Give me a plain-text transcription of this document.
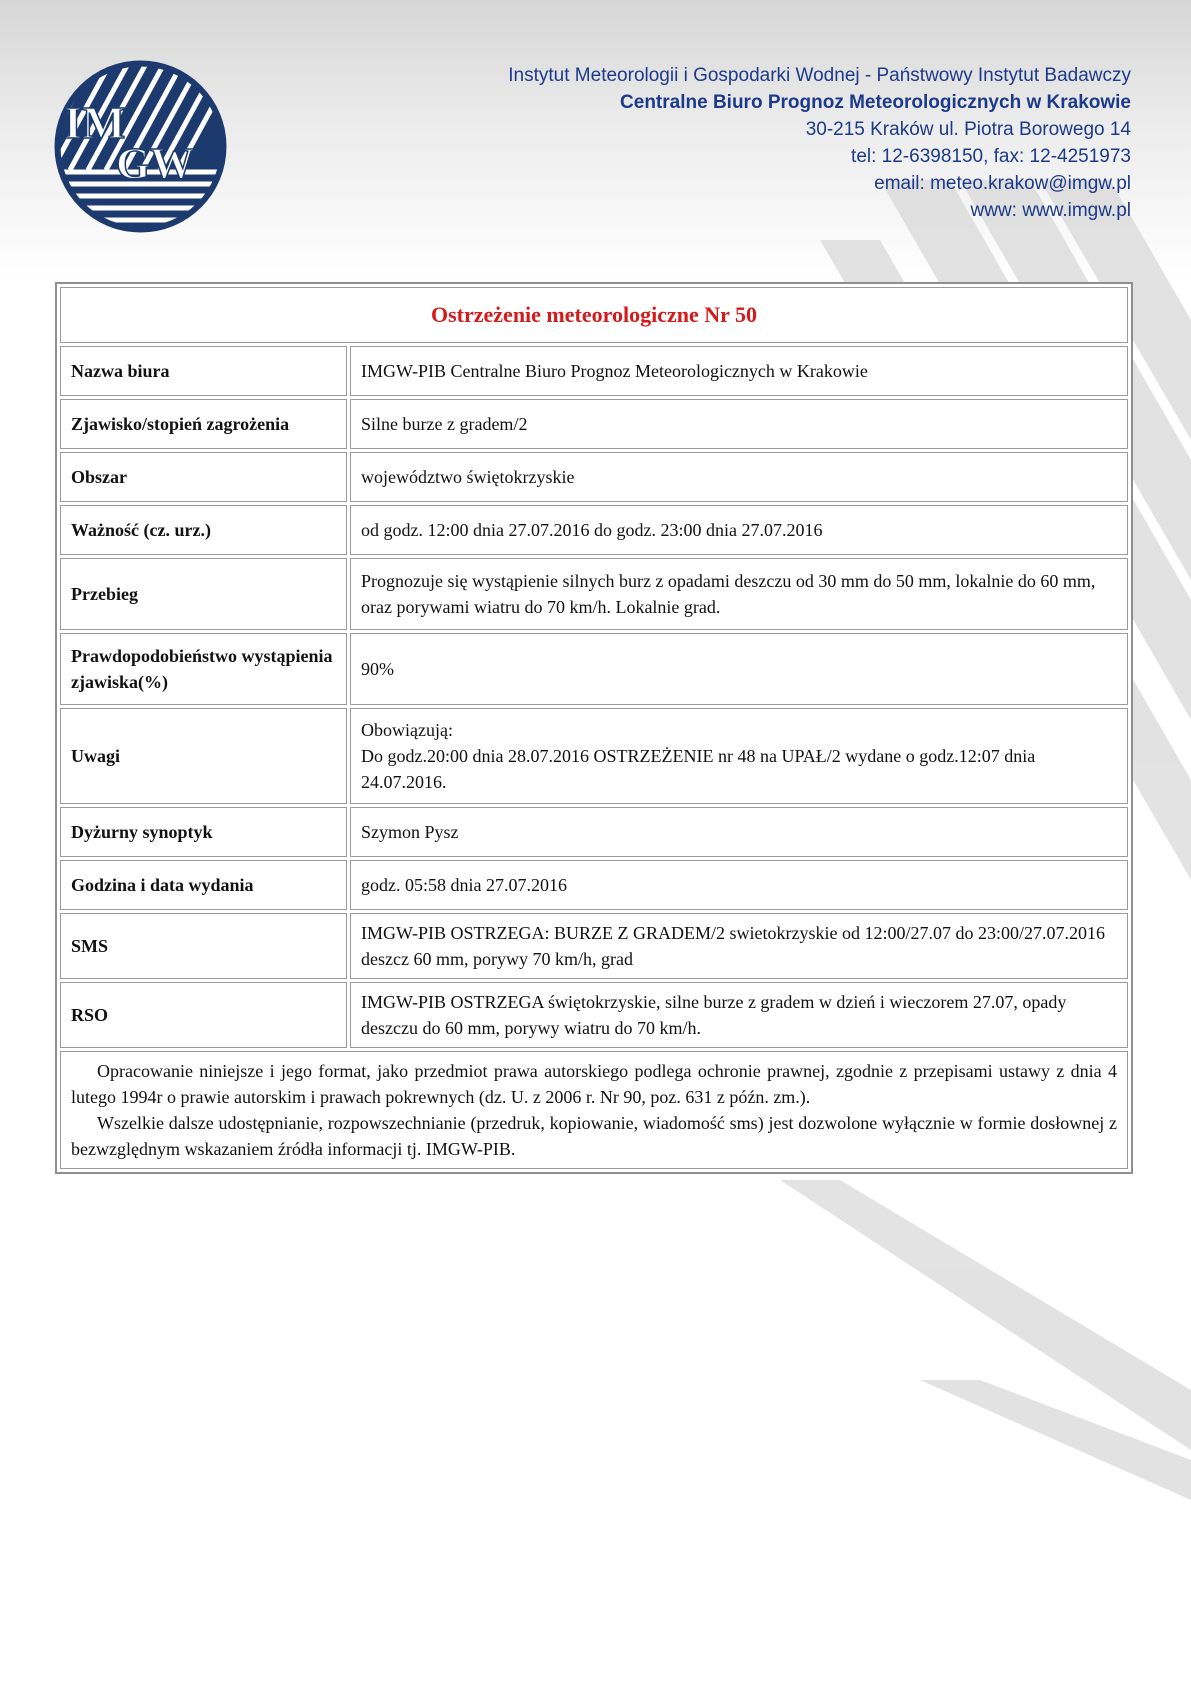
IM
GW
Instytut Meteorologii i Gospodarki Wodnej - Państwowy Instytut Badawczy
Centralne Biuro Prognoz Meteorologicznych w Krakowie
30-215 Kraków ul. Piotra Borowego 14
tel: 12-6398150, fax: 12-4251973
email: meteo.krakow@imgw.pl
www: www.imgw.pl
Ostrzeżenie meteorologiczne Nr 50	
Nazwa biura	IMGW-PIB Centralne Biuro Prognoz Meteorologicznych w Krakowie
Zjawisko/stopień zagrożenia	Silne burze z gradem/2
Obszar	województwo świętokrzyskie
Ważność (cz. urz.)	od godz. 12:00 dnia 27.07.2016 do godz. 23:00 dnia 27.07.2016
Przebieg	Prognozuje się wystąpienie silnych burz z opadami deszczu od 30 mm do 50 mm, lokalnie do 60 mm, oraz porywami wiatru do 70 km/h. Lokalnie grad.
Prawdopodobieństwo wystąpienia zjawiska(%)	90%
Uwagi	Obowiązują:
Do godz.20:00 dnia 28.07.2016 OSTRZEŻENIE nr 48 na UPAŁ/2 wydane o godz.12:07 dnia 24.07.2016.

Dyżurny synoptyk	Szymon Pysz
Godzina i data wydania	godz. 05:58 dnia 27.07.2016
SMS	IMGW-PIB OSTRZEGA: BURZE Z GRADEM/2 swietokrzyskie od 12:00/27.07 do 23:00/27.07.2016 deszcz 60 mm, porywy 70 km/h, grad
RSO	IMGW-PIB OSTRZEGA świętokrzyskie, silne burze z gradem w dzień i wieczorem 27.07, opady deszczu do 60 mm, porywy wiatru do 70 km/h.

Opracowanie niniejsze i jego format, jako przedmiot prawa autorskiego podlega ochronie prawnej, zgodnie z przepisami ustawy z dnia 4 lutego 1994r o prawie autorskim i prawach pokrewnych (dz. U. z 2006 r. Nr 90, poz. 631 z późn. zm.).

Wszelkie dalsze udostępnianie, rozpowszechnianie (przedruk, kopiowanie, wiadomość sms) jest dozwolone wyłącznie w formie dosłownej z bezwzględnym wskazaniem źródła informacji tj. IMGW-PIB.	
